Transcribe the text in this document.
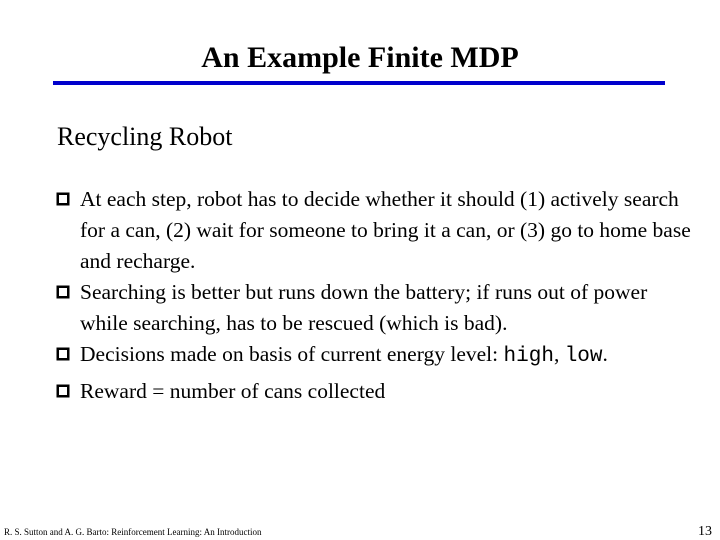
An Example Finite MDP
Recycling Robot
At each step, robot has to decide whether it should (1) actively search for a can, (2) wait for someone to bring it a can, or (3) go to home base and recharge.
Searching is better but runs down the battery; if runs out of power while searching, has to be rescued (which is bad).
Decisions made on basis of current energy level: high, low.
Reward = number of cans collected
R. S. Sutton and A. G. Barto: Reinforcement Learning: An Introduction	13
